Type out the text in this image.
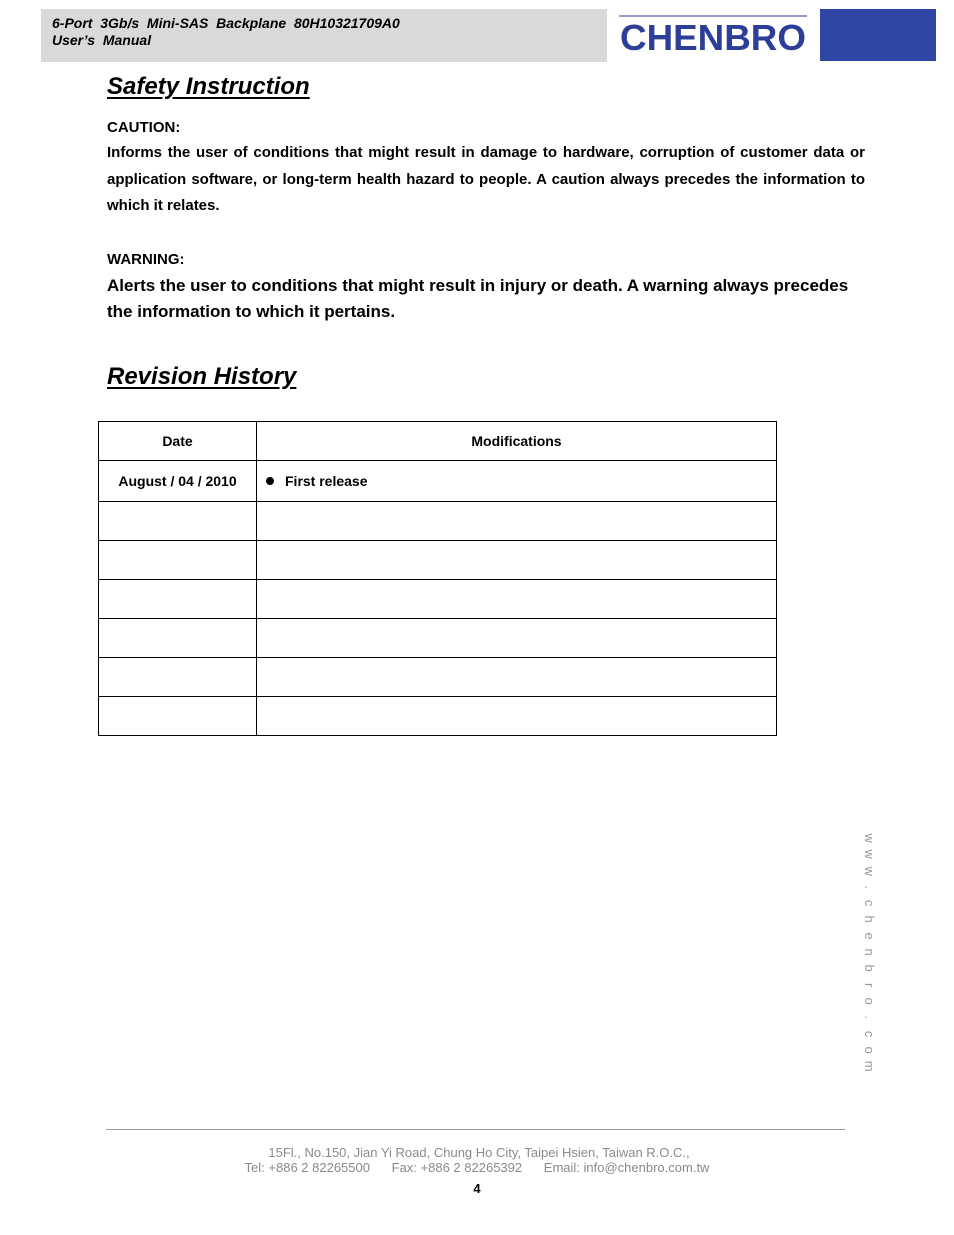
6-Port  3Gb/s  Mini-SAS  Backplane  80H10321709A0
User’s  Manual	CHENBRO
Safety Instruction
CAUTION:
Informs the user of conditions that might result in damage to hardware, corruption of customer data or application software, or long-term health hazard to people. A caution always precedes the information to which it relates.
WARNING:
Alerts the user to conditions that might result in injury or death. A warning always precedes the information to which it pertains.
Revision History
Date	Modifications
August / 04 / 2010	First release

w
w
w
.
c
h
e
n
b
r
o
.
c
o
m
15Fl., No.150, Jian Yi Road, Chung Ho City, Taipei Hsien, Taiwan R.O.C.,
Tel: +886 2 82265500 Fax: +886 2 82265392 Email: info@chenbro.com.tw
4
